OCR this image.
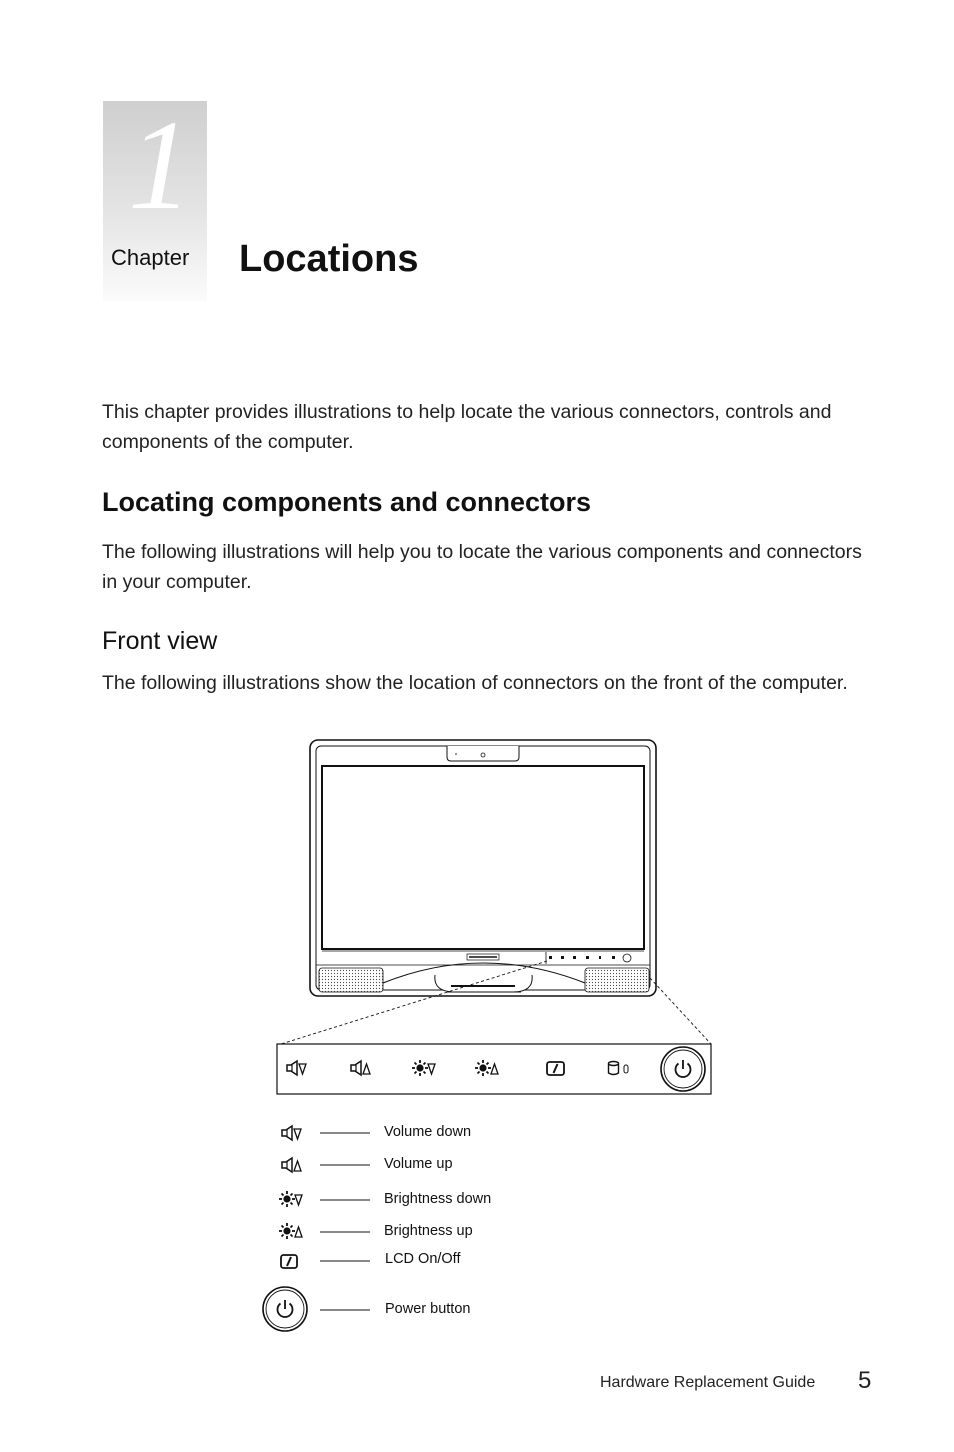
1
Chapter Locations

This chapter provides illustrations to help locate the various connectors, controls and components of the computer.

Locating components and connectors

The following illustrations will help you to locate the various components and connectors in your computer.

Front view

The following illustrations show the location of connectors on the front of the computer.

Volume down
Volume up
Brightness down
Brightness up
LCD On/Off
Power button
Hardware Replacement Guide 5
